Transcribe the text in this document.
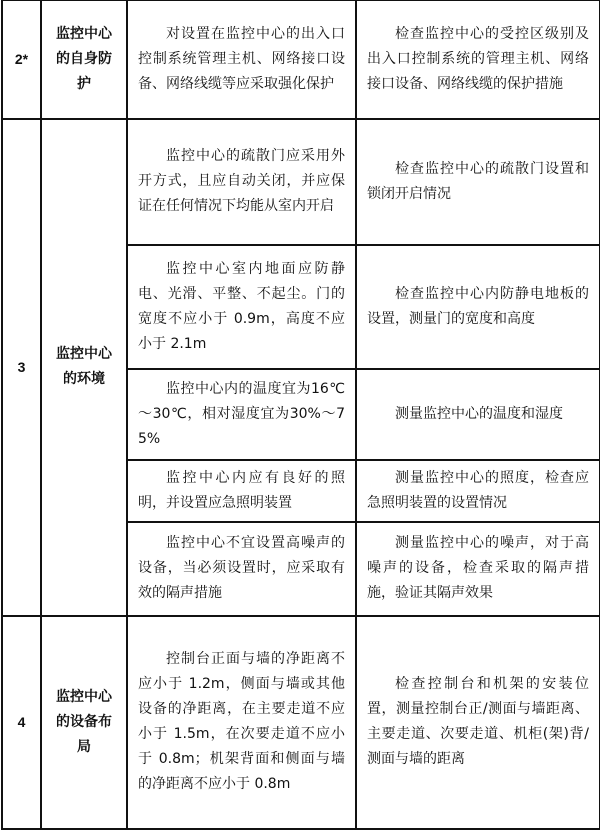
2*	监控中心的自身防护	对设置在监控中心的出入口控制系统管理主机、网络接口设备、网络线缆等应采取强化保护	检查监控中心的受控区级别及出入口控制系统的管理主机、网络接口设备、网络线缆的保护措施
3	监控中心的环境	监控中心的疏散门应采用外开方式，且应自动关闭，并应保证在任何情况下均能从室内开启	检查监控中心的疏散门设置和锁闭开启情况
		监控中心室内地面应防静电、光滑、平整、不起尘。门的宽度不应小于 0.9m，高度不应小于 2.1m	检查监控中心内防静电地板的设置，测量门的宽度和高度
		监控中心内的温度宜为16℃～30℃，相对湿度宜为30%～75%	测量监控中心的温度和湿度
		监控中心内应有良好的照明，并设置应急照明装置	测量监控中心的照度，检查应急照明装置的设置情况
		监控中心不宜设置高噪声的设备，当必须设置时，应采取有效的隔声措施	测量监控中心的噪声，对于高噪声的设备，检查采取的隔声措施，验证其隔声效果
4	监控中心的设备布局	控制台正面与墙的净距离不应小于 1.2m，侧面与墙或其他设备的净距离，在主要走道不应小于 1.5m，在次要走道不应小于 0.8m；机架背面和侧面与墙的净距离不应小于 0.8m	检查控制台和机架的安装位置，测量控制台正/测面与墙距离、主要走道、次要走道、机柜(架)背/测面与墙的距离
